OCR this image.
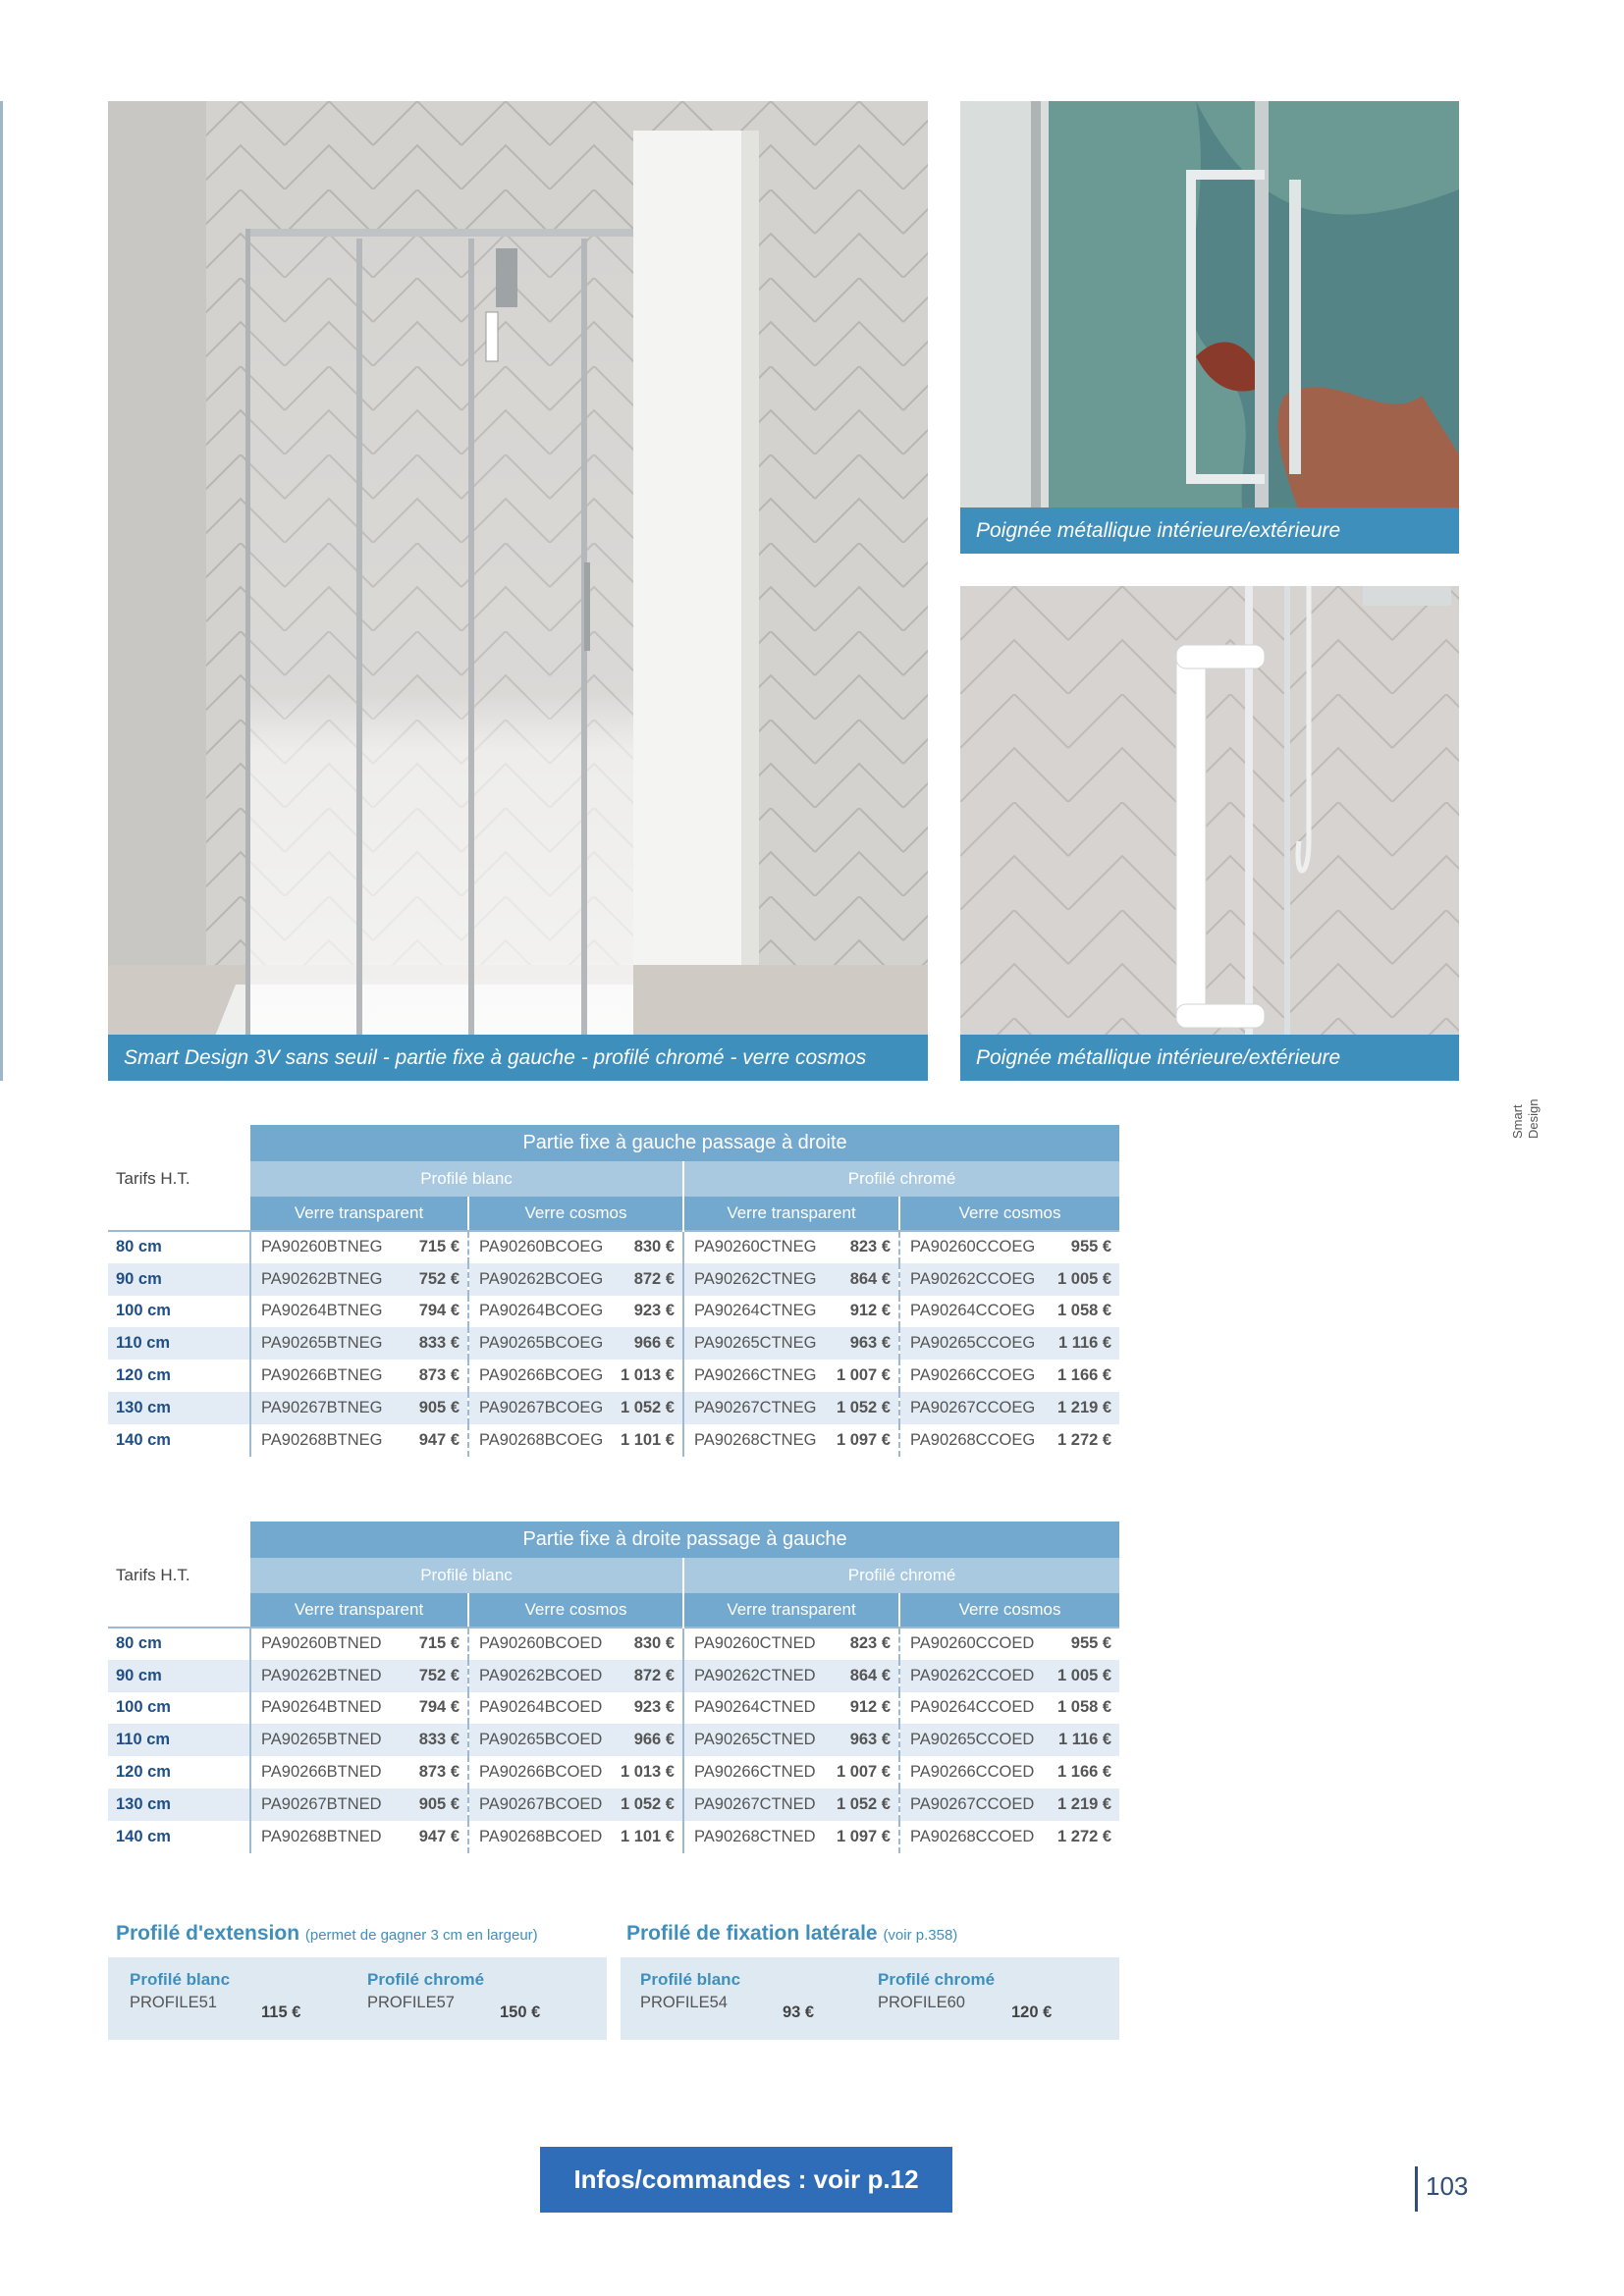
Smart Design 3V sans seuil - partie fixe à gauche - profilé chromé - verre cosmos
Poignée métallique intérieure/extérieure
Poignée métallique intérieure/extérieure
Smart Design
	Partie fixe à gauche passage à droite							
Tarifs H.T.	Profilé blanc				Profilé chromé			
	Verre transparent		Verre cosmos		Verre transparent		Verre cosmos	
80 cm	PA90260BTNEG	715 €	PA90260BCOEG	830 €	PA90260CTNEG	823 €	PA90260CCOEG	955 €
90 cm	PA90262BTNEG	752 €	PA90262BCOEG	872 €	PA90262CTNEG	864 €	PA90262CCOEG	1 005 €
100 cm	PA90264BTNEG	794 €	PA90264BCOEG	923 €	PA90264CTNEG	912 €	PA90264CCOEG	1 058 €
110 cm	PA90265BTNEG	833 €	PA90265BCOEG	966 €	PA90265CTNEG	963 €	PA90265CCOEG	1 116 €
120 cm	PA90266BTNEG	873 €	PA90266BCOEG	1 013 €	PA90266CTNEG	1 007 €	PA90266CCOEG	1 166 €
130 cm	PA90267BTNEG	905 €	PA90267BCOEG	1 052 €	PA90267CTNEG	1 052 €	PA90267CCOEG	1 219 €
140 cm	PA90268BTNEG	947 €	PA90268BCOEG	1 101 €	PA90268CTNEG	1 097 €	PA90268CCOEG	1 272 €
	Partie fixe à droite passage à gauche							
Tarifs H.T.	Profilé blanc				Profilé chromé			
	Verre transparent		Verre cosmos		Verre transparent		Verre cosmos	
80 cm	PA90260BTNED	715 €	PA90260BCOED	830 €	PA90260CTNED	823 €	PA90260CCOED	955 €
90 cm	PA90262BTNED	752 €	PA90262BCOED	872 €	PA90262CTNED	864 €	PA90262CCOED	1 005 €
100 cm	PA90264BTNED	794 €	PA90264BCOED	923 €	PA90264CTNED	912 €	PA90264CCOED	1 058 €
110 cm	PA90265BTNED	833 €	PA90265BCOED	966 €	PA90265CTNED	963 €	PA90265CCOED	1 116 €
120 cm	PA90266BTNED	873 €	PA90266BCOED	1 013 €	PA90266CTNED	1 007 €	PA90266CCOED	1 166 €
130 cm	PA90267BTNED	905 €	PA90267BCOED	1 052 €	PA90267CTNED	1 052 €	PA90267CCOED	1 219 €
140 cm	PA90268BTNED	947 €	PA90268BCOED	1 101 €	PA90268CTNED	1 097 €	PA90268CCOED	1 272 €
Profilé d'extension (permet de gagner 3 cm en largeur)
Profilé blanc
PROFILE51
115 €
Profilé chromé
PROFILE57
150 €
Profilé de fixation latérale (voir p.358)
Profilé blanc
PROFILE54
93 €
Profilé chromé
PROFILE60
120 €
Infos/commandes : voir p.12	103
